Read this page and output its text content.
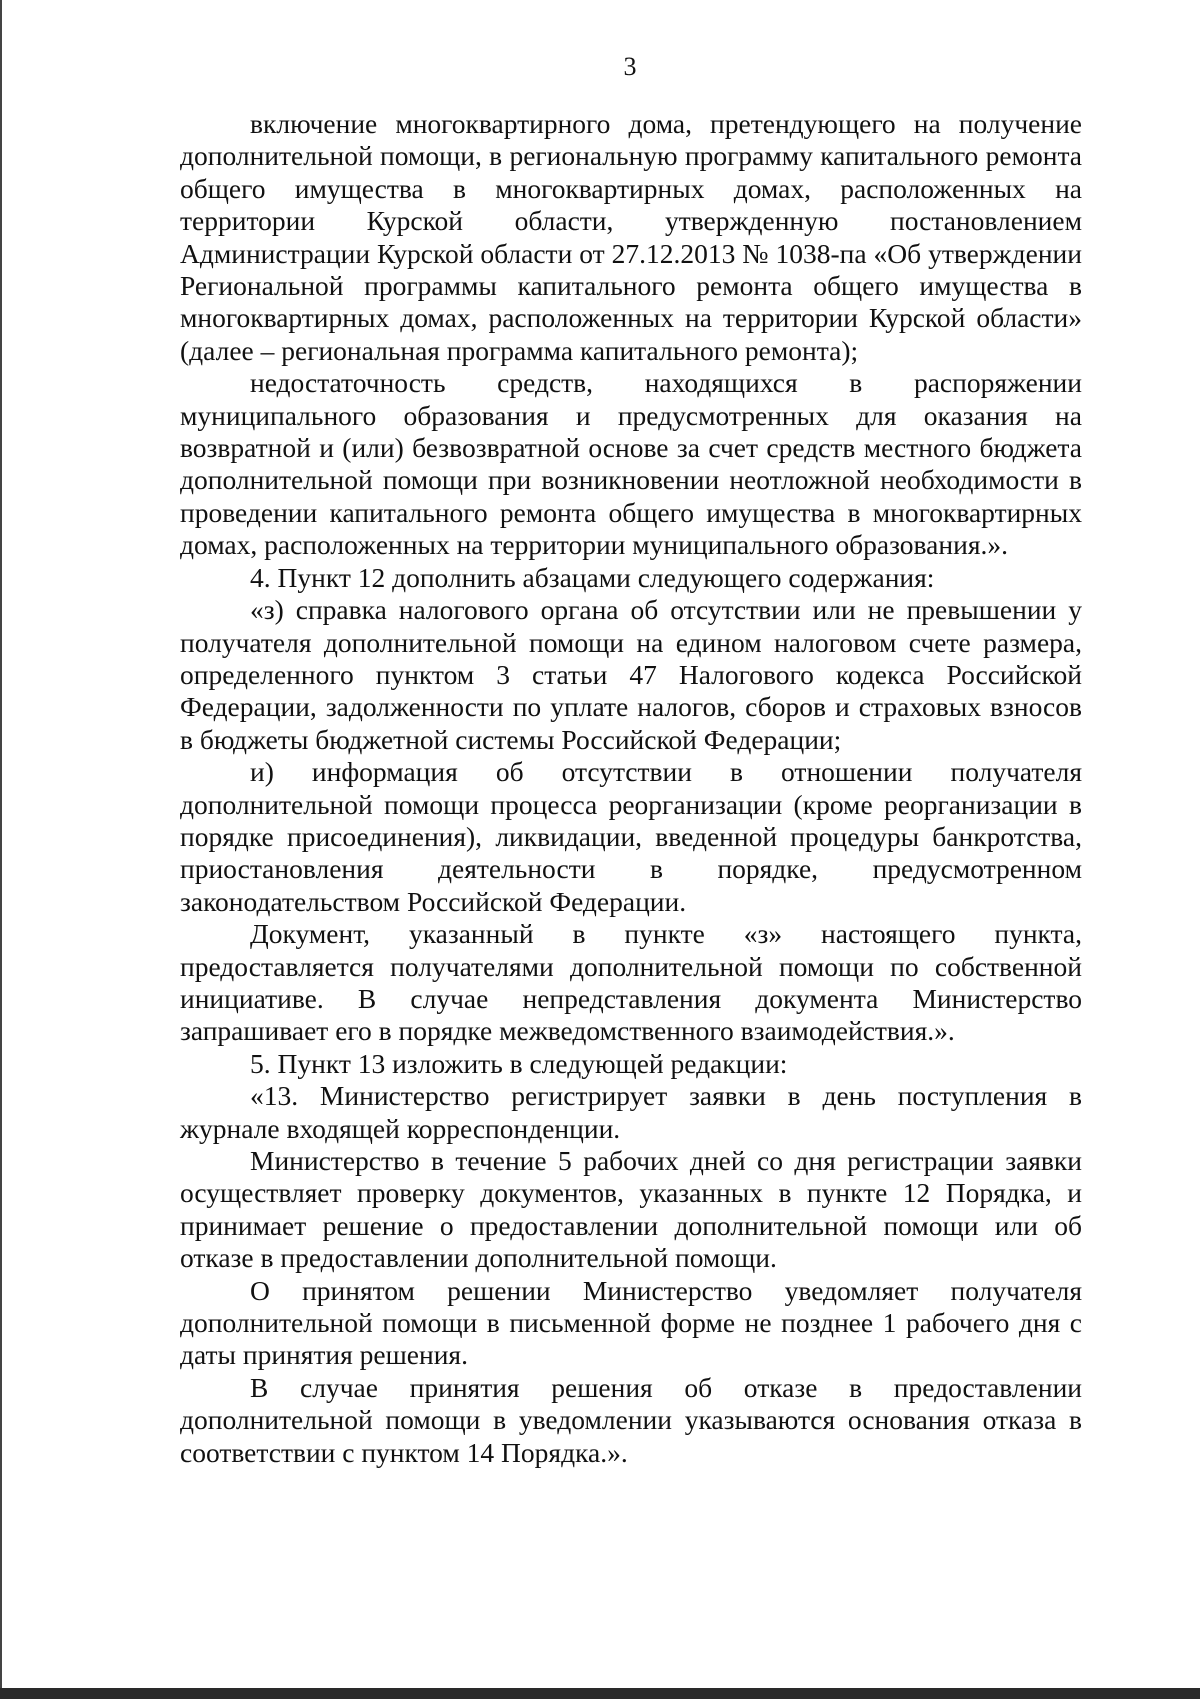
3

включение многоквартирного дома, претендующего на получение дополнительной помощи, в региональную программу капитального ремонта общего имущества в многоквартирных домах, расположенных на территории Курской области, утвержденную постановлением Администрации Курской области от 27.12.2013 № 1038-па «Об утверждении Региональной программы капитального ремонта общего имущества в многоквартирных домах, расположенных на территории Курской области» (далее – региональная программа капитального ремонта);

недостаточность средств, находящихся в распоряжении муниципального образования и предусмотренных для оказания на возвратной и (или) безвозвратной основе за счет средств местного бюджета дополнительной помощи при возникновении неотложной необходимости в проведении капитального ремонта общего имущества в многоквартирных домах, расположенных на территории муниципального образования.».

4. Пункт 12 дополнить абзацами следующего содержания:

«з) справка налогового органа об отсутствии или не превышении у получателя дополнительной помощи на едином налоговом счете размера, определенного пунктом 3 статьи 47 Налогового кодекса Российской Федерации, задолженности по уплате налогов, сборов и страховых взносов в бюджеты бюджетной системы Российской Федерации;

и) информация об отсутствии в отношении получателя дополнительной помощи процесса реорганизации (кроме реорганизации в порядке присоединения), ликвидации, введенной процедуры банкротства, приостановления деятельности в порядке, предусмотренном законодательством Российской Федерации.

Документ, указанный в пункте «з» настоящего пункта, предоставляется получателями дополнительной помощи по собственной инициативе. В случае непредставления документа Министерство запрашивает его в порядке межведомственного взаимодействия.».

5. Пункт 13 изложить в следующей редакции:

«13. Министерство регистрирует заявки в день поступления в журнале входящей корреспонденции.

Министерство в течение 5 рабочих дней со дня регистрации заявки осуществляет проверку документов, указанных в пункте 12 Порядка, и принимает решение о предоставлении дополнительной помощи или об отказе в предоставлении дополнительной помощи.

О принятом решении Министерство уведомляет получателя дополнительной помощи в письменной форме не позднее 1 рабочего дня с даты принятия решения.

В случае принятия решения об отказе в предоставлении дополнительной помощи в уведомлении указываются основания отказа в соответствии с пунктом 14 Порядка.».
